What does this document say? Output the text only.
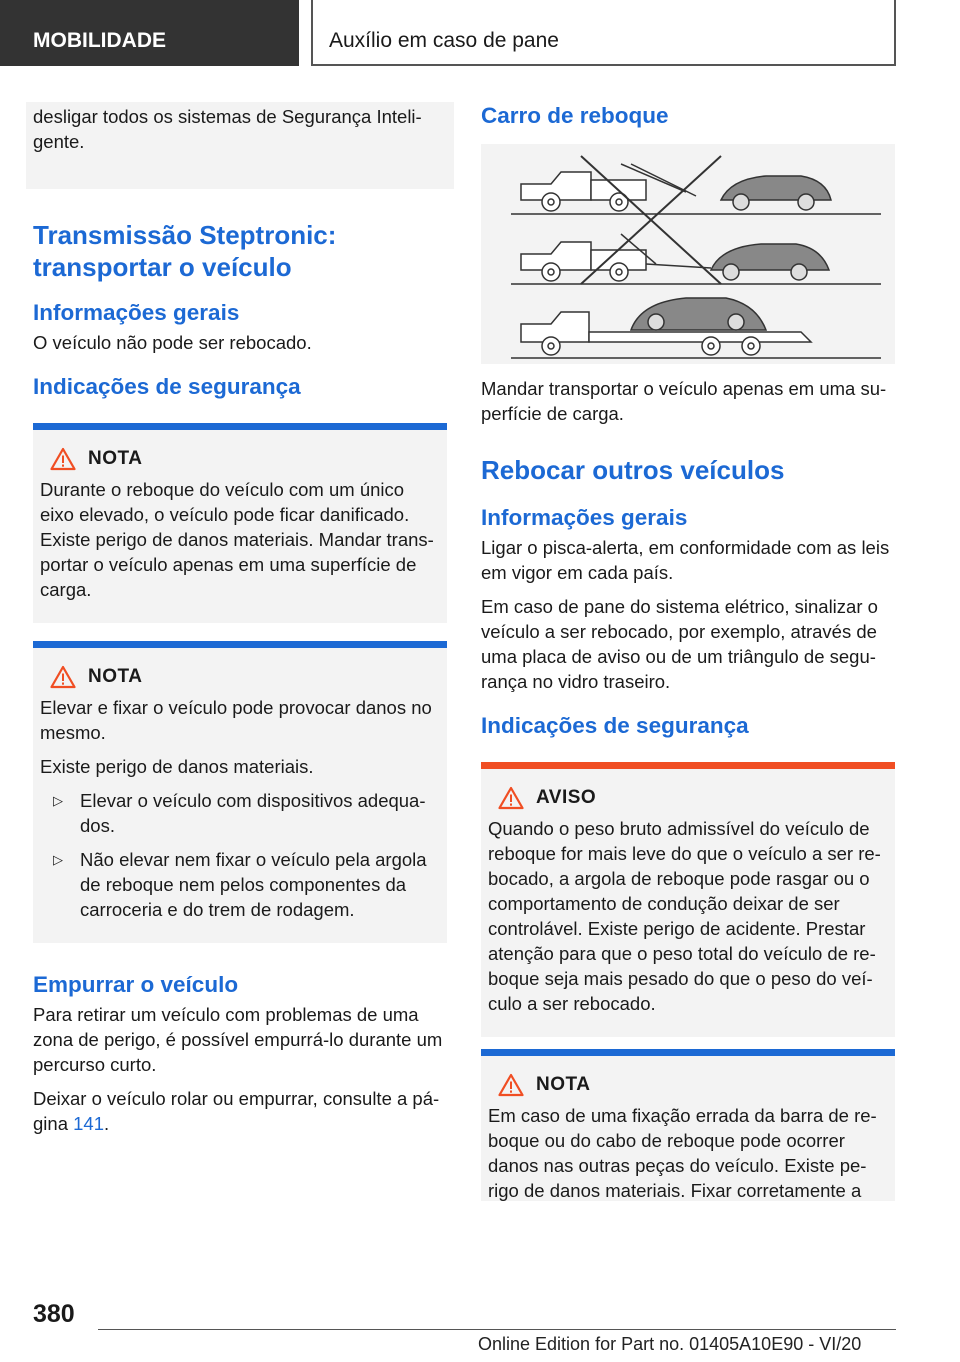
MOBILIDADE	Auxílio em caso de pane

desligar todos os sistemas de Segurança Inteli‐gente.

Transmissão Steptronic: transportar o veículo
Informações gerais

O veículo não pode ser rebocado.

Indicações de segurança
NOTA

Durante o reboque do veículo com um único eixo elevado, o veículo pode ficar danificado. Existe perigo de danos materiais. Mandar trans‐portar o veículo apenas em uma superfície de carga.

NOTA

Elevar e fixar o veículo pode provocar danos no mesmo.

Existe perigo de danos materiais.

▷ Elevar o veículo com dispositivos adequa‐dos.
▷ Não elevar nem fixar o veículo pela argola de reboque nem pelos componentes da carroceria e do trem de rodagem.
Empurrar o veículo

Para retirar um veículo com problemas de uma zona de perigo, é possível empurrá-lo durante um percurso curto.

Deixar o veículo rolar ou empurrar, consulte a pá‐gina 141.

Carro de reboque

Mandar transportar o veículo apenas em uma su‐perfície de carga.

Rebocar outros veículos
Informações gerais

Ligar o pisca-alerta, em conformidade com as leis em vigor em cada país.

Em caso de pane do sistema elétrico, sinalizar o veículo a ser rebocado, por exemplo, através de uma placa de aviso ou de um triângulo de segu‐rança no vidro traseiro.

Indicações de segurança
AVISO

Quando o peso bruto admissível do veículo de reboque for mais leve do que o veículo a ser re‐bocado, a argola de reboque pode rasgar ou o comportamento de condução deixar de ser controlável. Existe perigo de acidente. Prestar atenção para que o peso total do veículo de re‐boque seja mais pesado do que o peso do veí‐culo a ser rebocado.

NOTA

Em caso de uma fixação errada da barra de re‐boque ou do cabo de reboque pode ocorrer danos nas outras peças do veículo. Existe pe‐rigo de danos materiais. Fixar corretamente a

380
Online Edition for Part no. 01405A10E90 - VI/20
